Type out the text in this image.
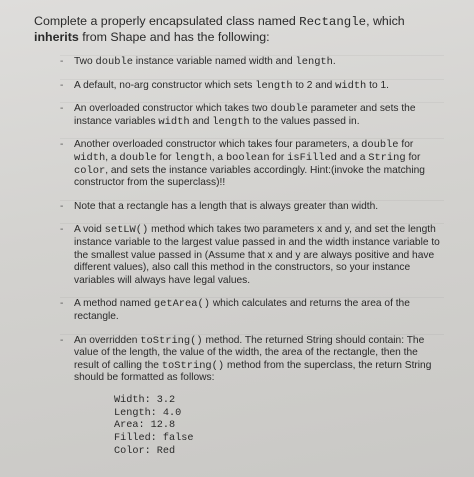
Complete a properly encapsulated class named Rectangle, which inherits from Shape and has the following:

- Two double instance variable named width and length.
- A default, no-arg constructor which sets length to 2 and width to 1.
- An overloaded constructor which takes two double parameter and sets the instance variables width and length to the values passed in.
- Another overloaded constructor which takes four parameters, a double for width, a double for length, a boolean for isFilled and a String for color, and sets the instance variables accordingly. Hint:(invoke the matching constructor from the superclass)!!
- Note that a rectangle has a length that is always greater than width.
- A void setLW() method which takes two parameters x and y, and set the length instance variable to the largest value passed in and the width instance variable to the smallest value passed in (Assume that x and y are always positive and have different values), also call this method in the constructors, so your instance variables will always have legal values.
- A method named getArea() which calculates and returns the area of the rectangle.
- An overridden toString() method. The returned String should contain: The value of the length, the value of the width, the area of the rectangle, then the result of calling the toString() method from the superclass, the return String should be formatted as follows:
Width: 3.2
Length: 4.0
Area: 12.8
Filled: false
Color: Red
